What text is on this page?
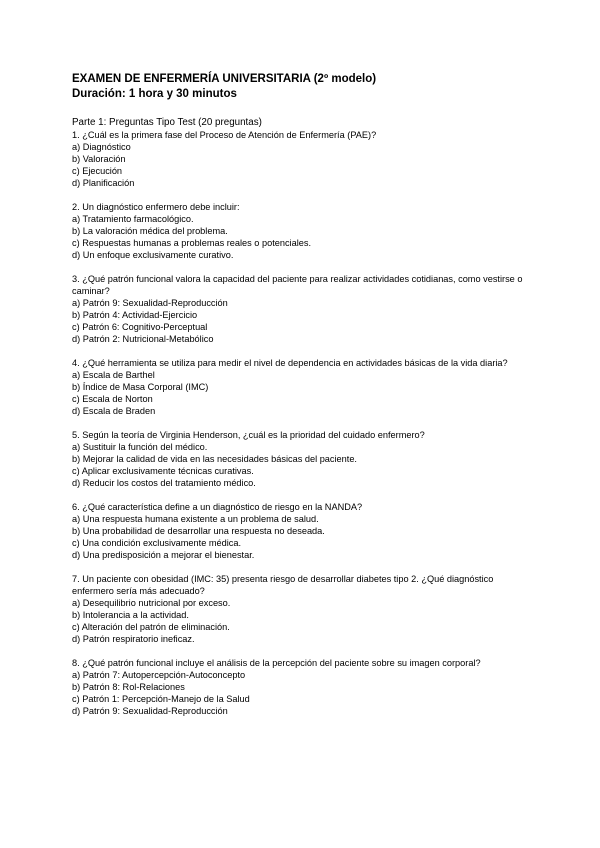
EXAMEN DE ENFERMERÍA UNIVERSITARIA (2º modelo)

Duración: 1 hora y 30 minutos

Parte 1: Preguntas Tipo Test (20 preguntas)

1. ¿Cuál es la primera fase del Proceso de Atención de Enfermería (PAE)?

a) Diagnóstico

b) Valoración

c) Ejecución

d) Planificación

2. Un diagnóstico enfermero debe incluir:

a) Tratamiento farmacológico.

b) La valoración médica del problema.

c) Respuestas humanas a problemas reales o potenciales.

d) Un enfoque exclusivamente curativo.

3. ¿Qué patrón funcional valora la capacidad del paciente para realizar actividades cotidianas, como vestirse o caminar?

a) Patrón 9: Sexualidad-Reproducción

b) Patrón 4: Actividad-Ejercicio

c) Patrón 6: Cognitivo-Perceptual

d) Patrón 2: Nutricional-Metabólico

4. ¿Qué herramienta se utiliza para medir el nivel de dependencia en actividades básicas de la vida diaria?

a) Escala de Barthel

b) Índice de Masa Corporal (IMC)

c) Escala de Norton

d) Escala de Braden

5. Según la teoría de Virginia Henderson, ¿cuál es la prioridad del cuidado enfermero?

a) Sustituir la función del médico.

b) Mejorar la calidad de vida en las necesidades básicas del paciente.

c) Aplicar exclusivamente técnicas curativas.

d) Reducir los costos del tratamiento médico.

6. ¿Qué característica define a un diagnóstico de riesgo en la NANDA?

a) Una respuesta humana existente a un problema de salud.

b) Una probabilidad de desarrollar una respuesta no deseada.

c) Una condición exclusivamente médica.

d) Una predisposición a mejorar el bienestar.

7. Un paciente con obesidad (IMC: 35) presenta riesgo de desarrollar diabetes tipo 2. ¿Qué diagnóstico enfermero sería más adecuado?

a) Desequilibrio nutricional por exceso.

b) Intolerancia a la actividad.

c) Alteración del patrón de eliminación.

d) Patrón respiratorio ineficaz.

8. ¿Qué patrón funcional incluye el análisis de la percepción del paciente sobre su imagen corporal?

a) Patrón 7: Autopercepción-Autoconcepto

b) Patrón 8: Rol-Relaciones

c) Patrón 1: Percepción-Manejo de la Salud

d) Patrón 9: Sexualidad-Reproducción
